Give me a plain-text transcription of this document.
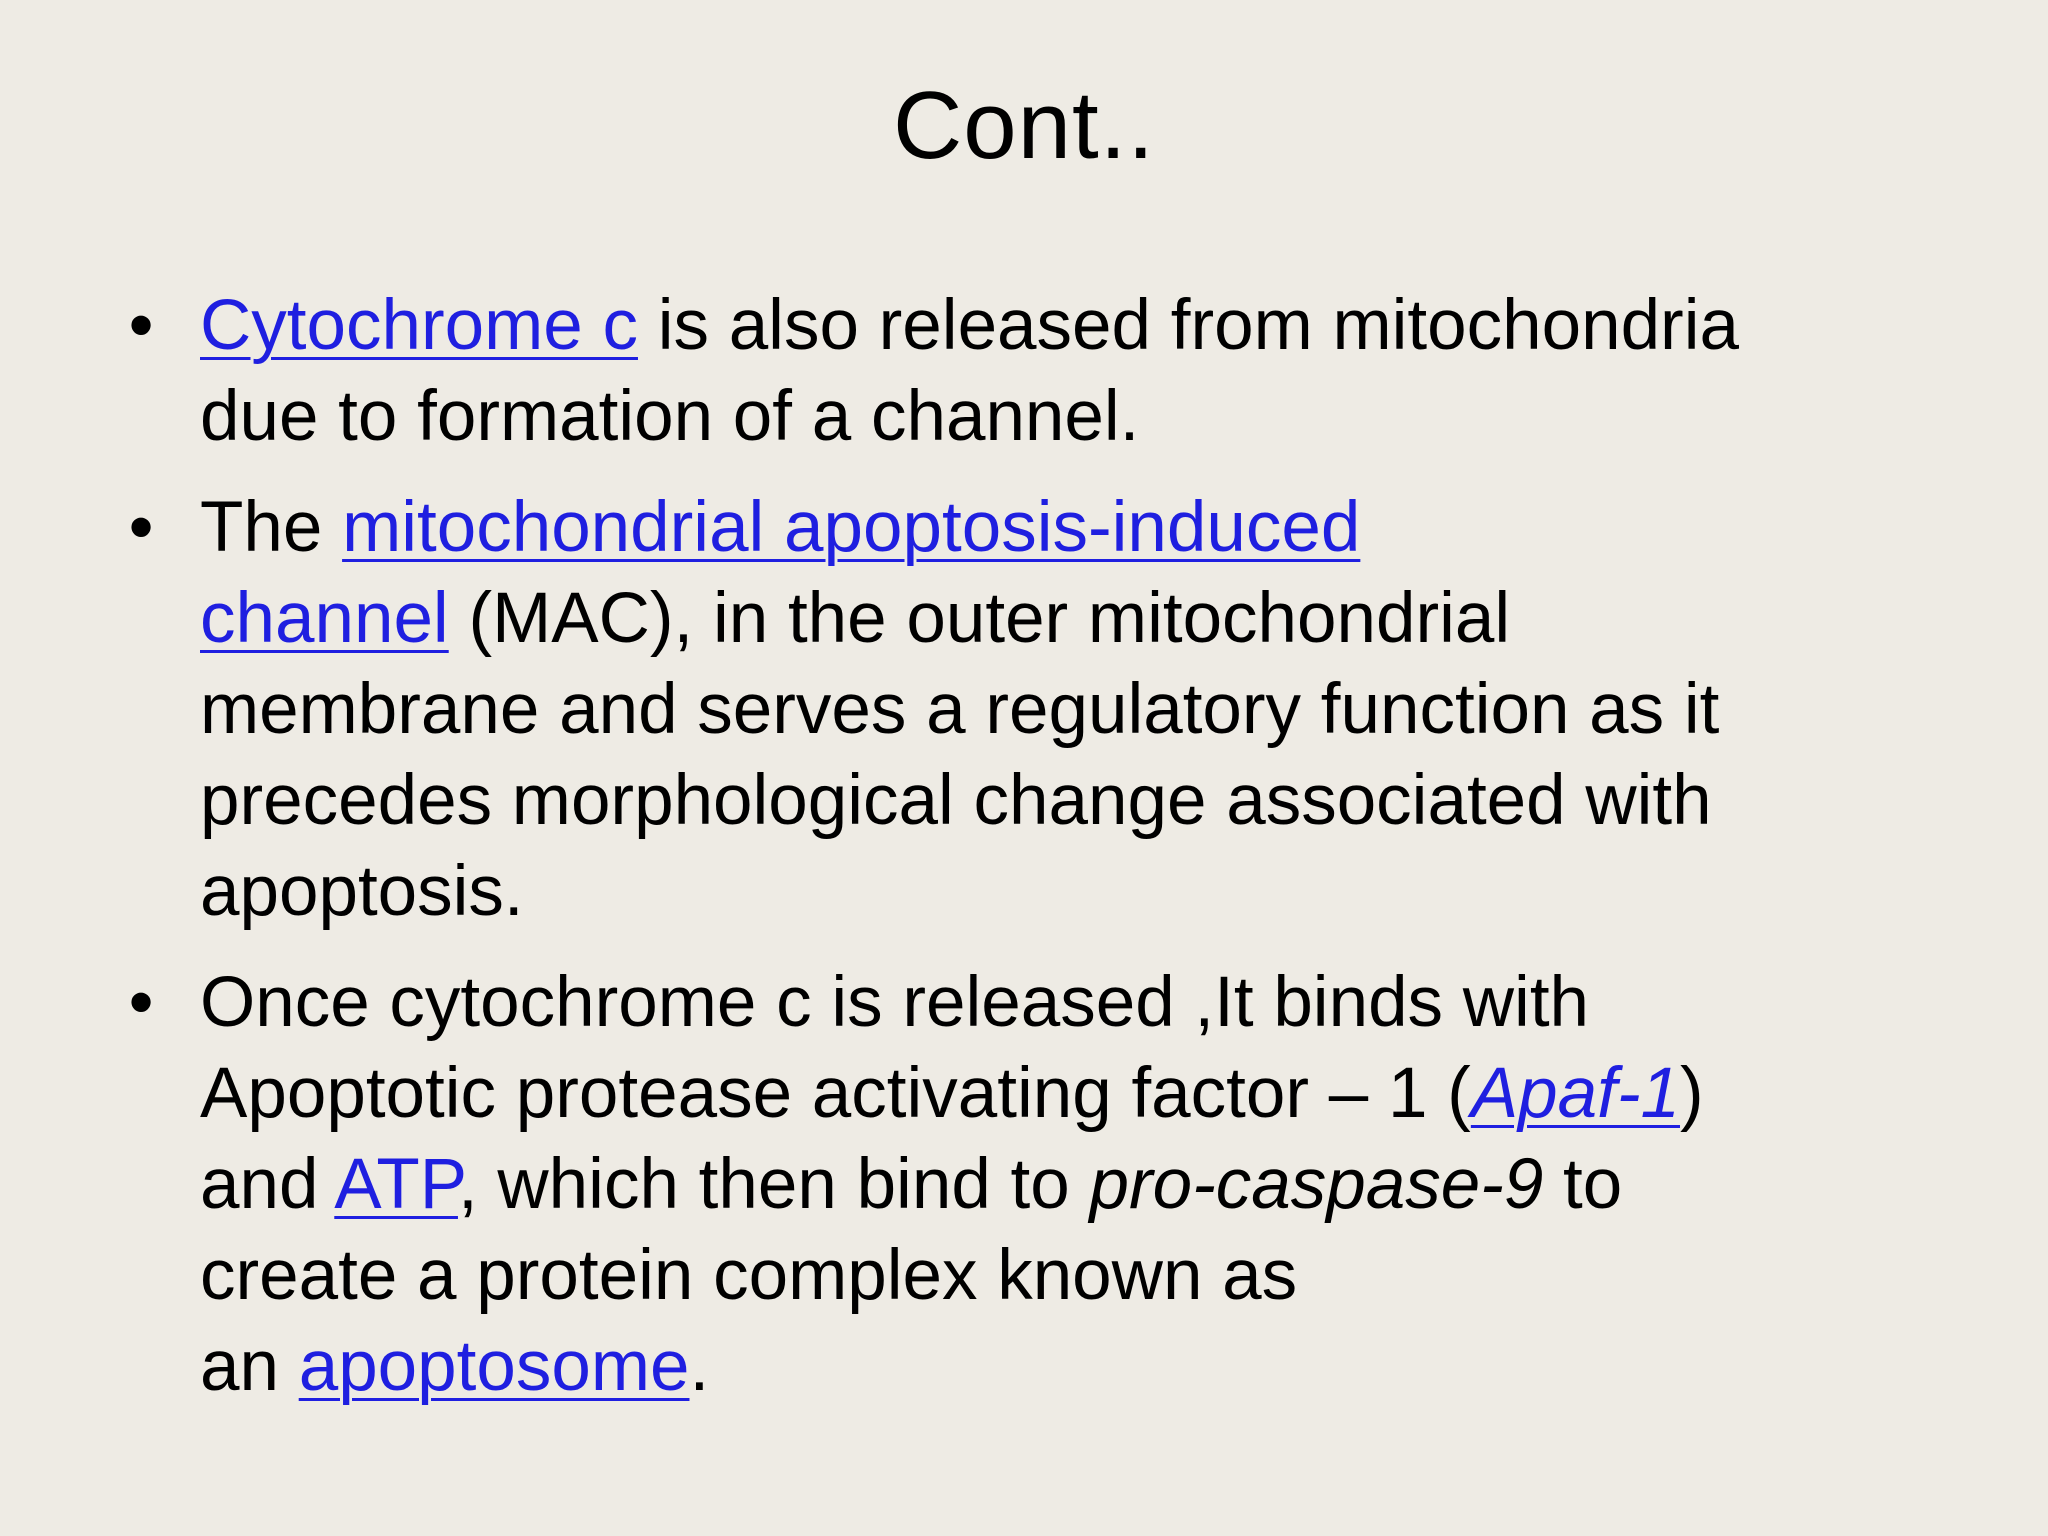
Cont..
• Cytochrome c is also released from mitochondria
due to formation of a channel.
• The mitochondrial apoptosis-induced
channel (MAC), in the outer mitochondrial
membrane and serves a regulatory function as it
precedes morphological change associated with
apoptosis.
• Once cytochrome c is released ,It binds with
Apoptotic protease activating factor – 1 (Apaf-1)
and ATP, which then bind to pro-caspase-9 to
create a protein complex known as
an apoptosome.
